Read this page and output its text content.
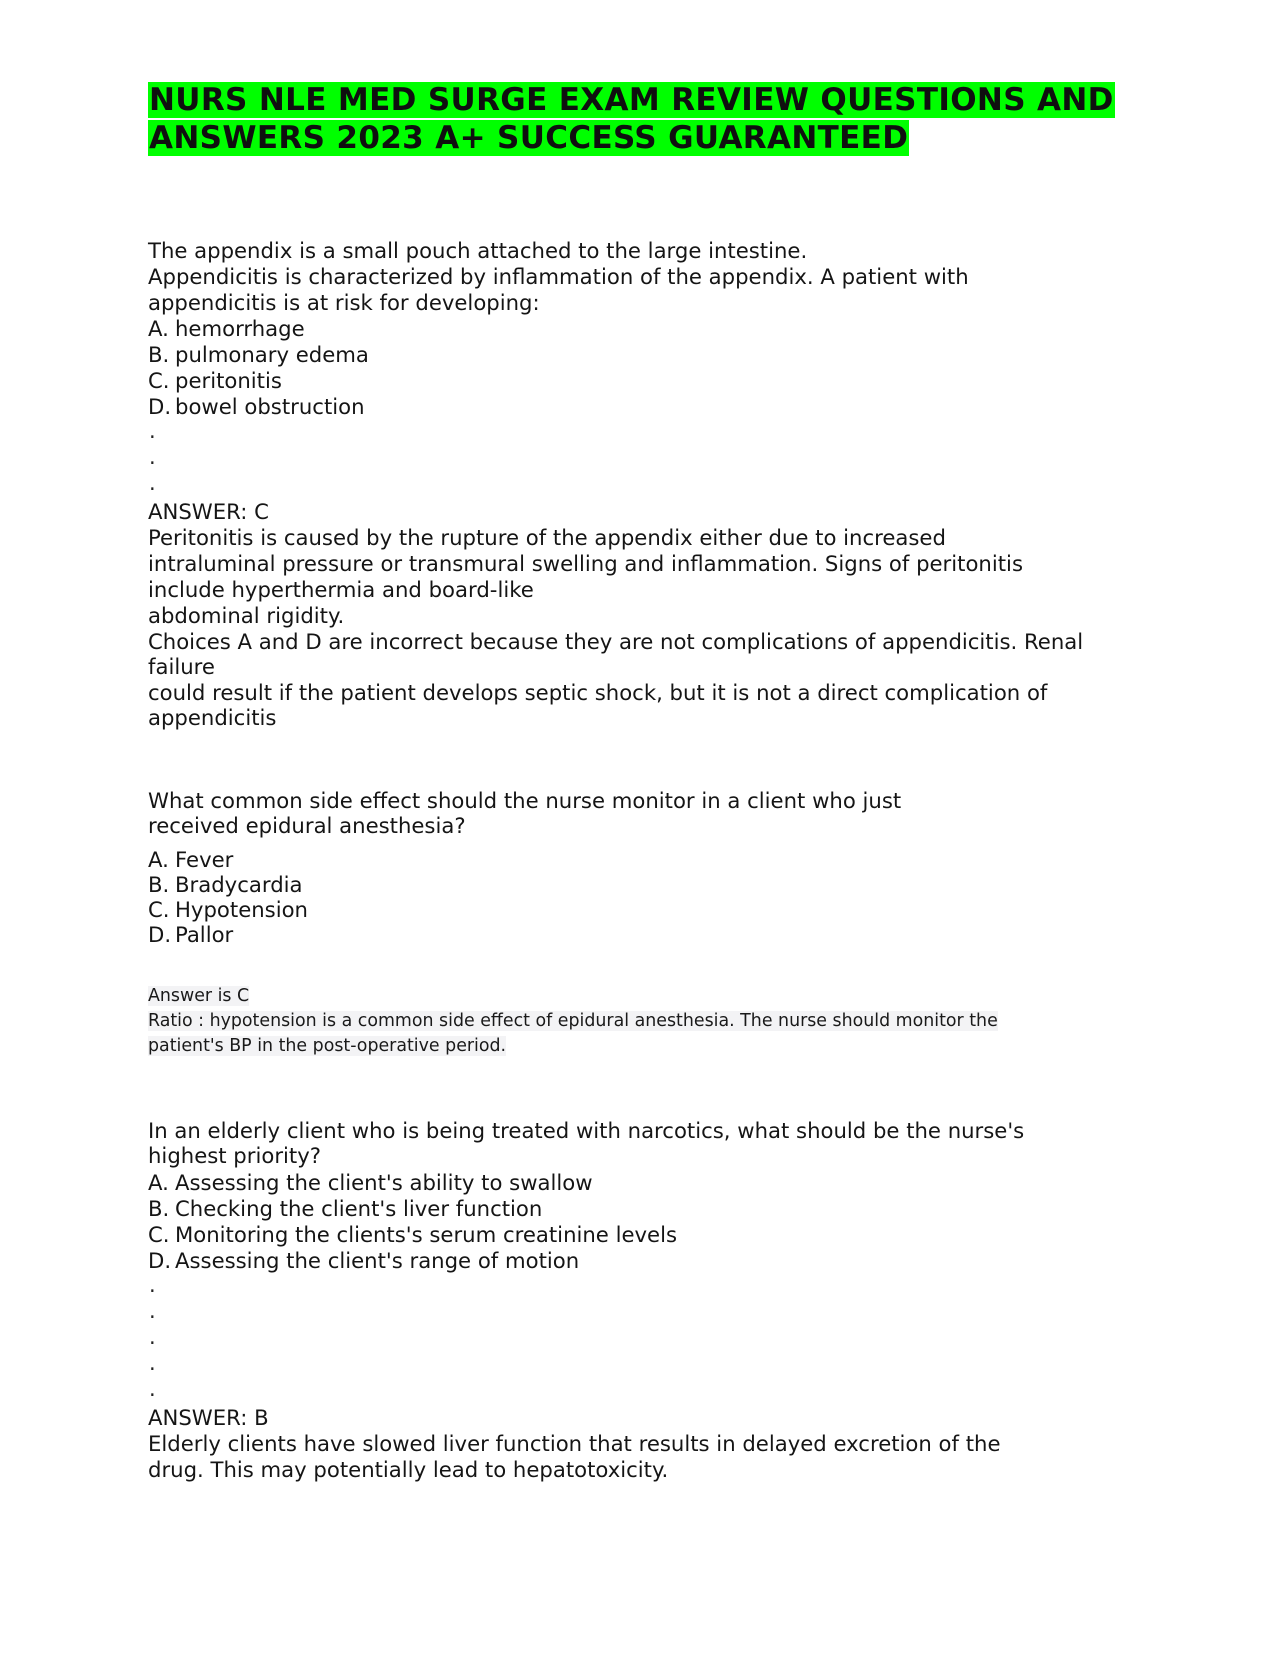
NURS NLE MED SURGE EXAM REVIEW QUESTIONS AND
ANSWERS 2023 A+ SUCCESS GUARANTEED
The appendix is a small pouch attached to the large intestine.
Appendicitis is characterized by inflammation of the appendix. A patient with
appendicitis is at risk for developing:
A. hemorrhage
B. pulmonary edema
C. peritonitis
D. bowel obstruction
.
.
.
ANSWER: C
Peritonitis is caused by the rupture of the appendix either due to increased
intraluminal pressure or transmural swelling and inflammation. Signs of peritonitis
include hyperthermia and board-like
abdominal rigidity.
Choices A and D are incorrect because they are not complications of appendicitis. Renal
failure
could result if the patient develops septic shock, but it is not a direct complication of
appendicitis
What common side effect should the nurse monitor in a client who just
received epidural anesthesia?
A. Fever
B. Bradycardia
C. Hypotension
D. Pallor
Answer is C
Ratio : hypotension is a common side effect of epidural anesthesia. The nurse should monitor the
patient's BP in the post-operative period.
In an elderly client who is being treated with narcotics, what should be the nurse's
highest priority?
A. Assessing the client's ability to swallow
B. Checking the client's liver function
C. Monitoring the clients's serum creatinine levels
D. Assessing the client's range of motion
.
.
.
.
.
ANSWER: B
Elderly clients have slowed liver function that results in delayed excretion of the
drug. This may potentially lead to hepatotoxicity.
